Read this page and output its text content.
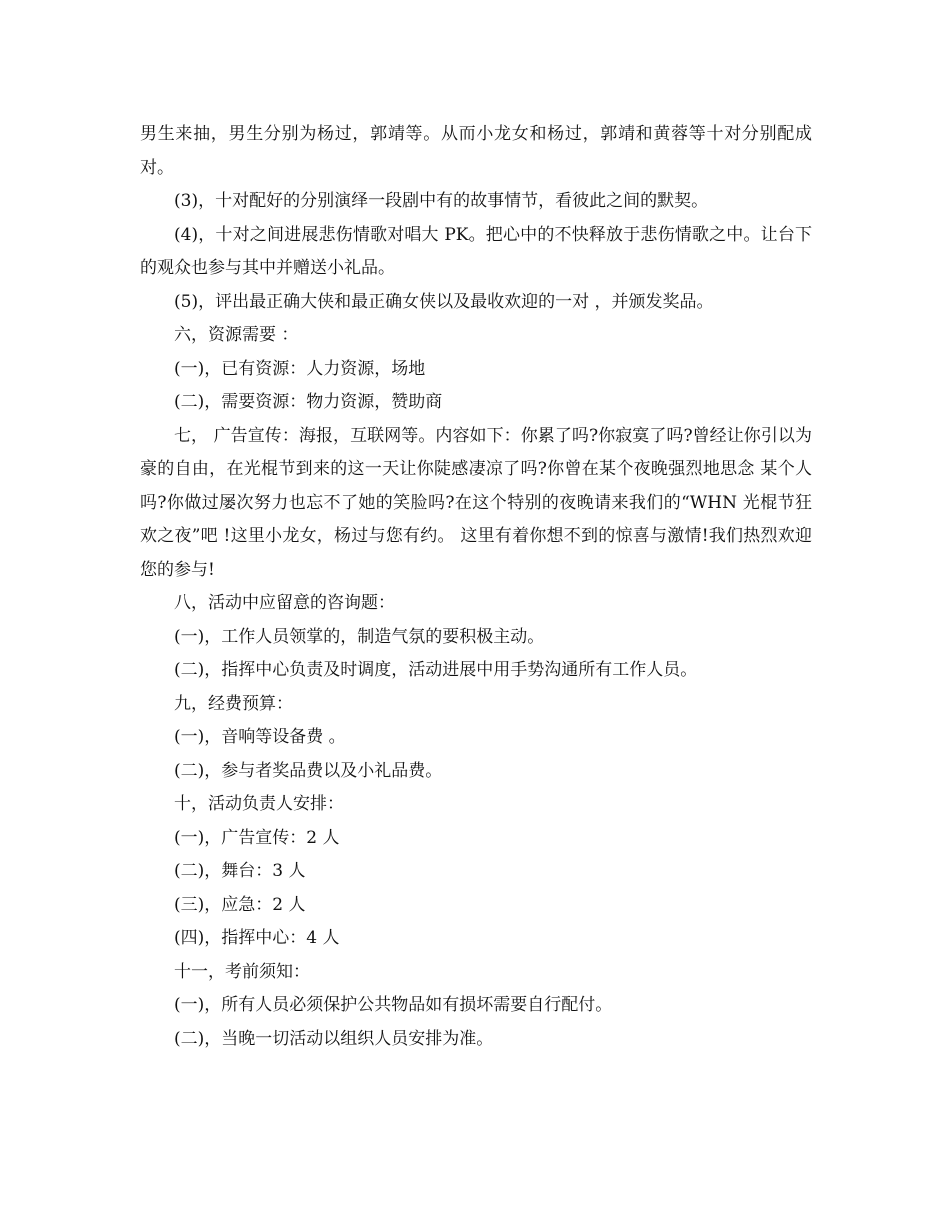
男生来抽，男生分别为杨过，郭靖等。从而小龙女和杨过，郭靖和黄蓉等十对分别配成对。

(3)，十对配好的分别演绎一段剧中有的故事情节，看彼此之间的默契。

(4)，十对之间进展悲伤情歌对唱大 PK。把心中的不快释放于悲伤情歌之中。让台下的观众也参与其中并赠送小礼品。

(5)，评出最正确大侠和最正确女侠以及最收欢迎的一对 ，并颁发奖品。

六，资源需要 ：

(一)，已有资源：人力资源，场地

(二)，需要资源：物力资源，赞助商

七， 广告宣传：海报，互联网等。内容如下：你累了吗?你寂寞了吗?曾经让你引以为豪的自由，在光棍节到来的这一天让你陡感凄凉了吗?你曾在某个夜晚强烈地思念 某个人吗?你做过屡次努力也忘不了她的笑脸吗?在这个特别的夜晚请来我们的“WHN 光棍节狂欢之夜”吧 !这里小龙女，杨过与您有约。 这里有着你想不到的惊喜与激情!我们热烈欢迎您的参与!

八，活动中应留意的咨询题：

(一)，工作人员领掌的，制造气氛的要积极主动。

(二)，指挥中心负责及时调度，活动进展中用手势沟通所有工作人员。

九，经费预算：

(一)，音响等设备费 。

(二)，参与者奖品费以及小礼品费。

十，活动负责人安排：

(一)，广告宣传：2 人

(二)，舞台：3 人

(三)，应急：2 人

(四)，指挥中心：4 人

十一，考前须知：

(一)，所有人员必须保护公共物品如有损坏需要自行配付。

(二)，当晚一切活动以组织人员安排为准。
